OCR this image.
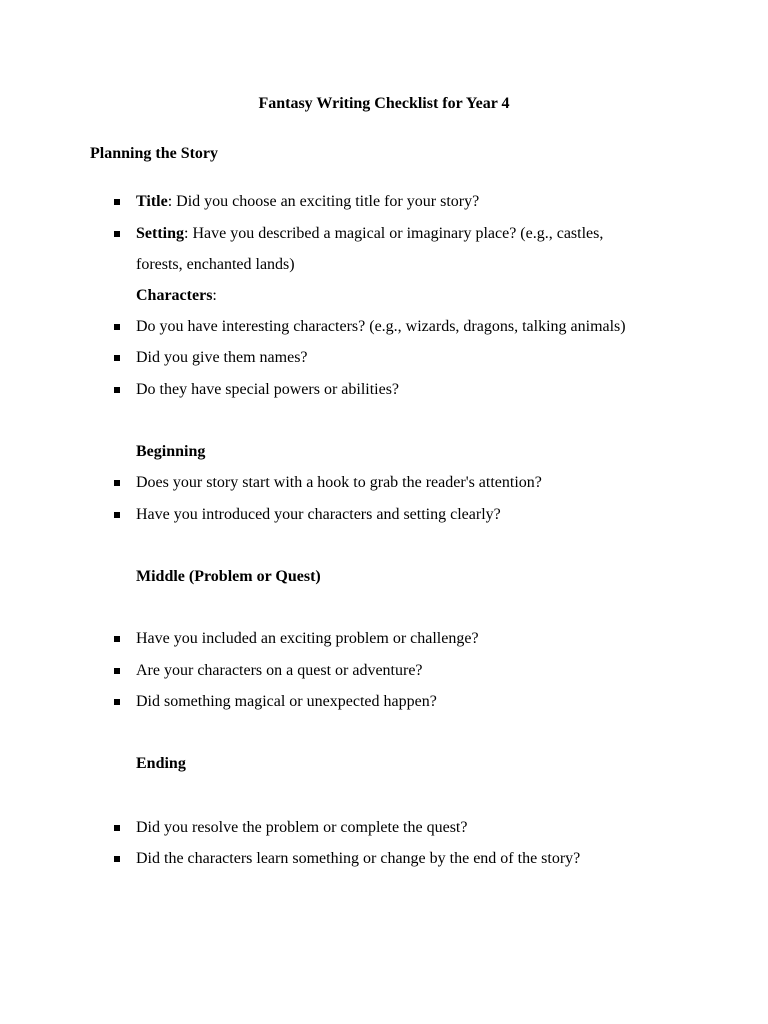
Fantasy Writing Checklist for Year 4
Planning the Story
Title: Did you choose an exciting title for your story?
Setting: Have you described a magical or imaginary place? (e.g., castles,
forests, enchanted lands)
Characters:
Do you have interesting characters? (e.g., wizards, dragons, talking animals)
Did you give them names?
Do they have special powers or abilities?
Beginning
Does your story start with a hook to grab the reader's attention?
Have you introduced your characters and setting clearly?
Middle (Problem or Quest)
Have you included an exciting problem or challenge?
Are your characters on a quest or adventure?
Did something magical or unexpected happen?
Ending
Did you resolve the problem or complete the quest?
Did the characters learn something or change by the end of the story?
